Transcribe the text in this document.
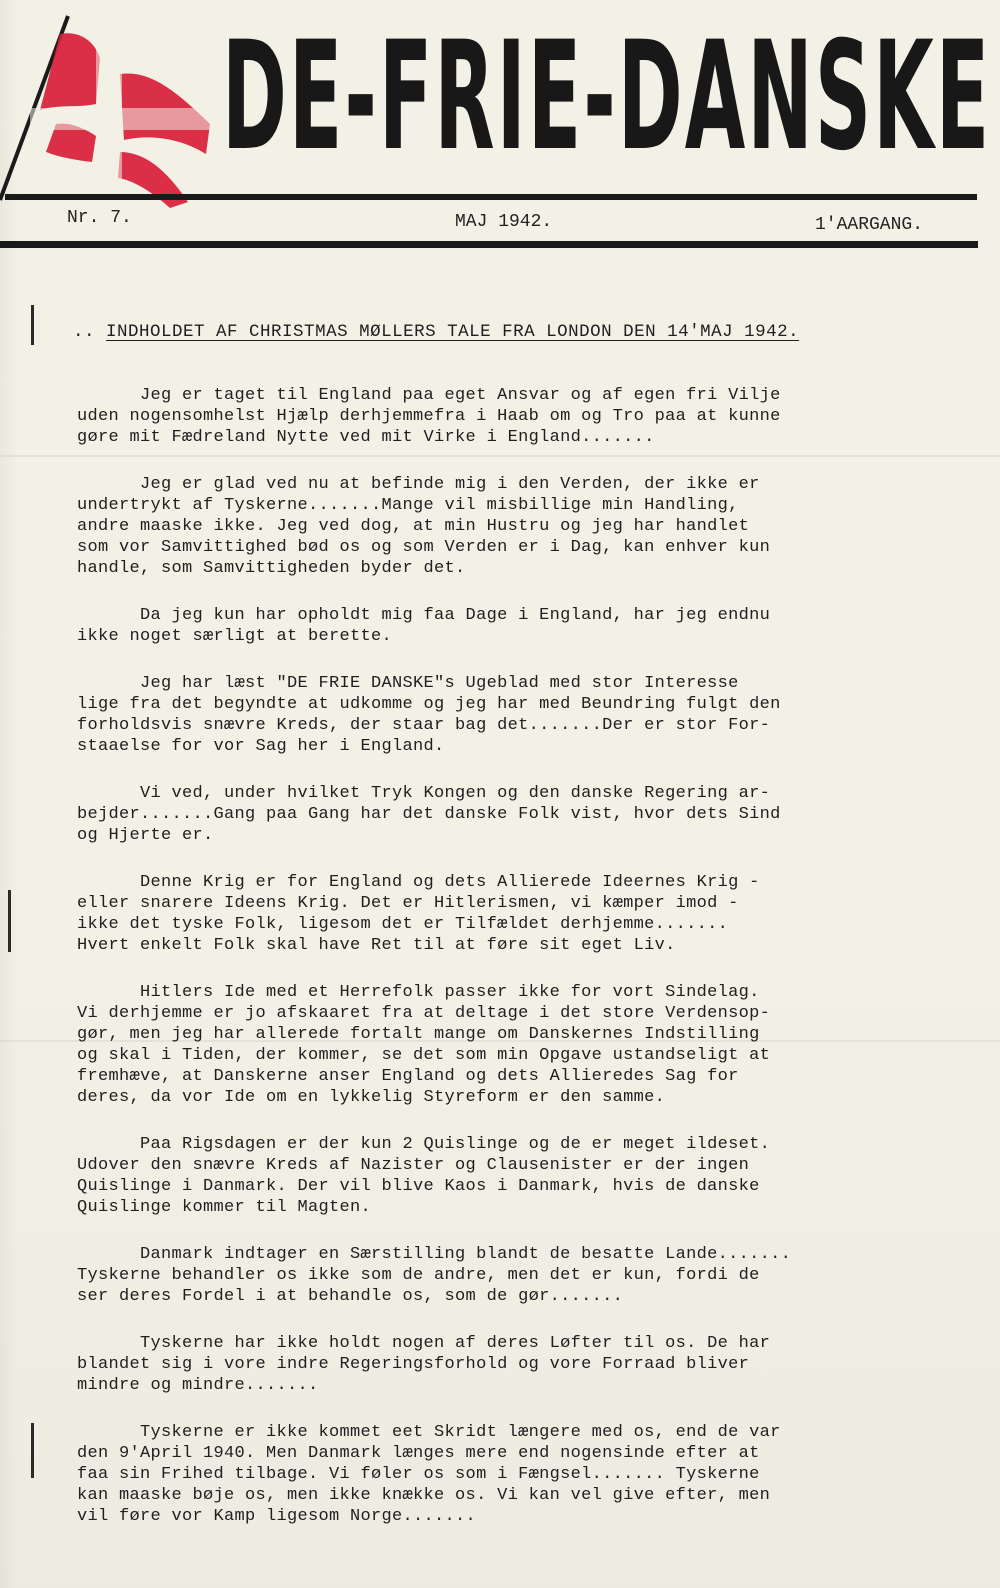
DE-FRIE-DANSKE
Nr. 7.	MAJ 1942.	1'AARGANG.
.. INDHOLDET AF CHRISTMAS MØLLERS TALE FRA LONDON DEN 14'MAJ 1942.
Jeg er taget til England paa eget Ansvar og af egen fri Vilje
uden nogensomhelst Hjælp derhjemmefra i Haab om og Tro paa at kunne
gøre mit Fædreland Nytte ved mit Virke i England.......
Jeg er glad ved nu at befinde mig i den Verden, der ikke er
undertrykt af Tyskerne.......Mange vil misbillige min Handling,
andre maaske ikke. Jeg ved dog, at min Hustru og jeg har handlet
som vor Samvittighed bød os og som Verden er i Dag, kan enhver kun
handle, som Samvittigheden byder det.
Da jeg kun har opholdt mig faa Dage i England, har jeg endnu
ikke noget særligt at berette.
Jeg har læst "DE FRIE DANSKE"s Ugeblad med stor Interesse
lige fra det begyndte at udkomme og jeg har med Beundring fulgt den
forholdsvis snævre Kreds, der staar bag det.......Der er stor For-
staaelse for vor Sag her i England.
Vi ved, under hvilket Tryk Kongen og den danske Regering ar-
bejder.......Gang paa Gang har det danske Folk vist, hvor dets Sind
og Hjerte er.
Denne Krig er for England og dets Allierede Ideernes Krig -
eller snarere Ideens Krig. Det er Hitlerismen, vi kæmper imod -
ikke det tyske Folk, ligesom det er Tilfældet derhjemme.......
Hvert enkelt Folk skal have Ret til at føre sit eget Liv.
Hitlers Ide med et Herrefolk passer ikke for vort Sindelag.
Vi derhjemme er jo afskaaret fra at deltage i det store Verdensop-
gør, men jeg har allerede fortalt mange om Danskernes Indstilling
og skal i Tiden, der kommer, se det som min Opgave ustandseligt at
fremhæve, at Danskerne anser England og dets Allieredes Sag for
deres, da vor Ide om en lykkelig Styreform er den samme.
Paa Rigsdagen er der kun 2 Quislinge og de er meget ildeset.
Udover den snævre Kreds af Nazister og Clausenister er der ingen
Quislinge i Danmark. Der vil blive Kaos i Danmark, hvis de danske
Quislinge kommer til Magten.
Danmark indtager en Særstilling blandt de besatte Lande.......
Tyskerne behandler os ikke som de andre, men det er kun, fordi de
ser deres Fordel i at behandle os, som de gør.......
Tyskerne har ikke holdt nogen af deres Løfter til os. De har
blandet sig i vore indre Regeringsforhold og vore Forraad bliver
mindre og mindre.......
Tyskerne er ikke kommet eet Skridt længere med os, end de var
den 9'April 1940. Men Danmark længes mere end nogensinde efter at
faa sin Frihed tilbage. Vi føler os som i Fængsel....... Tyskerne
kan maaske bøje os, men ikke knække os. Vi kan vel give efter, men
vil føre vor Kamp ligesom Norge.......
